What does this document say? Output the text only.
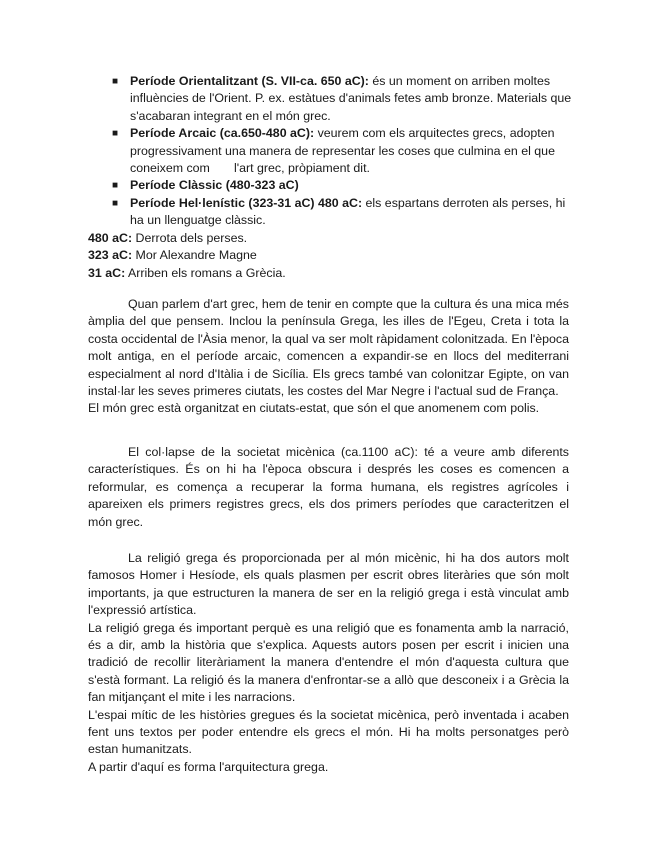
■ Període Orientalitzant (S. VII-ca. 650 aC): és un moment on arriben moltes influències de l'Orient. P. ex. estàtues d'animals fetes amb bronze. Materials que s'acabaran integrant en el món grec.
■ Període Arcaic (ca.650-480 aC): veurem com els arquitectes grecs, adopten progressivament una manera de representar les coses que culmina en el que coneixem com       l'art grec, pròpiament dit.
■ Període Clàssic (480-323 aC)
■ Període Hel·lenístic (323-31 aC) 480 aC: els espartans derroten als perses, hi ha un llenguatge clàssic.
480 aC: Derrota dels perses.
323 aC: Mor Alexandre Magne
31 aC: Arriben els romans a Grècia.

Quan parlem d'art grec, hem de tenir en compte que la cultura és una mica més àmplia del que pensem. Inclou la península Grega, les illes de l'Egeu, Creta i tota la costa occidental de l'Àsia menor, la qual va ser molt ràpidament colonitzada. En l'època molt antiga, en el període arcaic, comencen a expandir-se en llocs del mediterrani especialment al nord d'Itàlia i de Sicília. Els grecs també van colonitzar Egipte, on van instal·lar les seves primeres ciutats, les costes del Mar Negre i l'actual sud de França.

El món grec està organitzat en ciutats-estat, que són el que anomenem com polis.

El col·lapse de la societat micènica (ca.1100 aC): té a veure amb diferents característiques. És on hi ha l'època obscura i després les coses es comencen a reformular, es comença a recuperar la forma humana, els registres agrícoles i apareixen els primers registres grecs, els dos primers períodes que caracteritzen el món grec.

La religió grega és proporcionada per al món micènic, hi ha dos autors molt famosos Homer i Hesíode, els quals plasmen per escrit obres literàries que són molt importants, ja que estructuren la manera de ser en la religió grega i està vinculat amb l'expressió artística.

La religió grega és important perquè es una religió que es fonamenta amb la narració, és a dir, amb la història que s'explica. Aquests autors posen per escrit i inicien una tradició de recollir literàriament la manera d'entendre el món d'aquesta cultura que s'està formant. La religió és la manera d'enfrontar-se a allò que desconeix i a Grècia la fan mitjançant el mite i les narracions.

L'espai mític de les històries gregues és la societat micènica, però inventada i acaben fent uns textos per poder entendre els grecs el món. Hi ha molts personatges però estan humanitzats.

A partir d'aquí es forma l'arquitectura grega.
